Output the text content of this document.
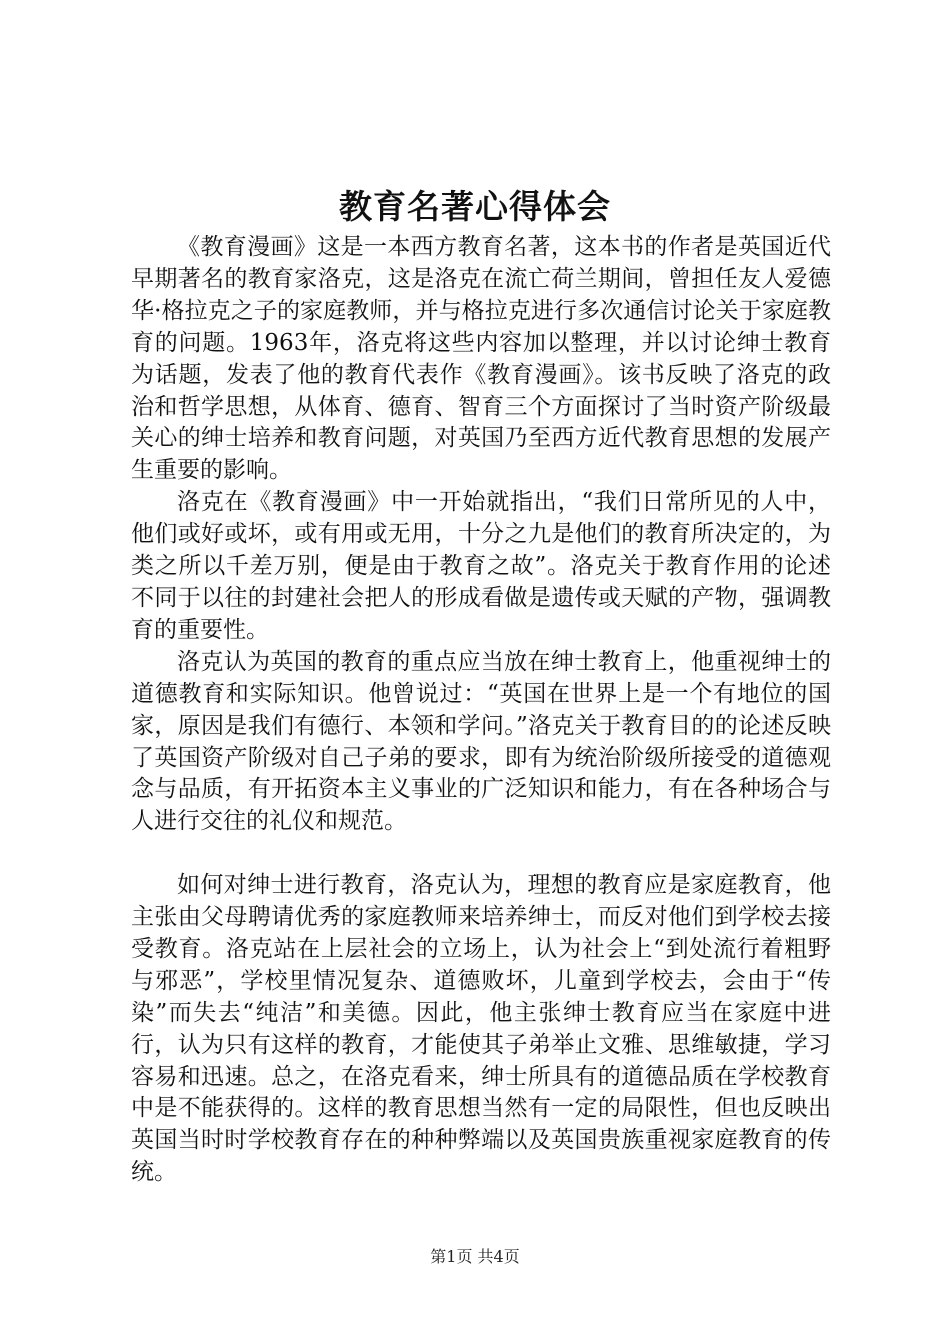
教育名著心得体会

《教育漫画》这是一本西方教育名著，这本书的作者是英国近代早期著名的教育家洛克，这是洛克在流亡荷兰期间，曾担任友人爱德华·格拉克之子的家庭教师，并与格拉克进行多次通信讨论关于家庭教育的问题。1963年，洛克将这些内容加以整理，并以讨论绅士教育为话题，发表了他的教育代表作《教育漫画》。该书反映了洛克的政治和哲学思想，从体育、德育、智育三个方面探讨了当时资产阶级最关心的绅士培养和教育问题，对英国乃至西方近代教育思想的发展产生重要的影响。

洛克在《教育漫画》中一开始就指出，“我们日常所见的人中，他们或好或坏，或有用或无用，十分之九是他们的教育所决定的，为类之所以千差万别，便是由于教育之故”。洛克关于教育作用的论述不同于以往的封建社会把人的形成看做是遗传或天赋的产物，强调教育的重要性。

洛克认为英国的教育的重点应当放在绅士教育上，他重视绅士的道德教育和实际知识。他曾说过：“英国在世界上是一个有地位的国家，原因是我们有德行、本领和学问。”洛克关于教育目的的论述反映了英国资产阶级对自己子弟的要求，即有为统治阶级所接受的道德观念与品质，有开拓资本主义事业的广泛知识和能力，有在各种场合与人进行交往的礼仪和规范。

如何对绅士进行教育，洛克认为，理想的教育应是家庭教育，他主张由父母聘请优秀的家庭教师来培养绅士，而反对他们到学校去接受教育。洛克站在上层社会的立场上，认为社会上“到处流行着粗野与邪恶”，学校里情况复杂、道德败坏，儿童到学校去，会由于“传染”而失去“纯洁”和美德。因此，他主张绅士教育应当在家庭中进行，认为只有这样的教育，才能使其子弟举止文雅、思维敏捷，学习容易和迅速。总之，在洛克看来，绅士所具有的道德品质在学校教育中是不能获得的。这样的教育思想当然有一定的局限性，但也反映出英国当时时学校教育存在的种种弊端以及英国贵族重视家庭教育的传统。

第1页 共4页
